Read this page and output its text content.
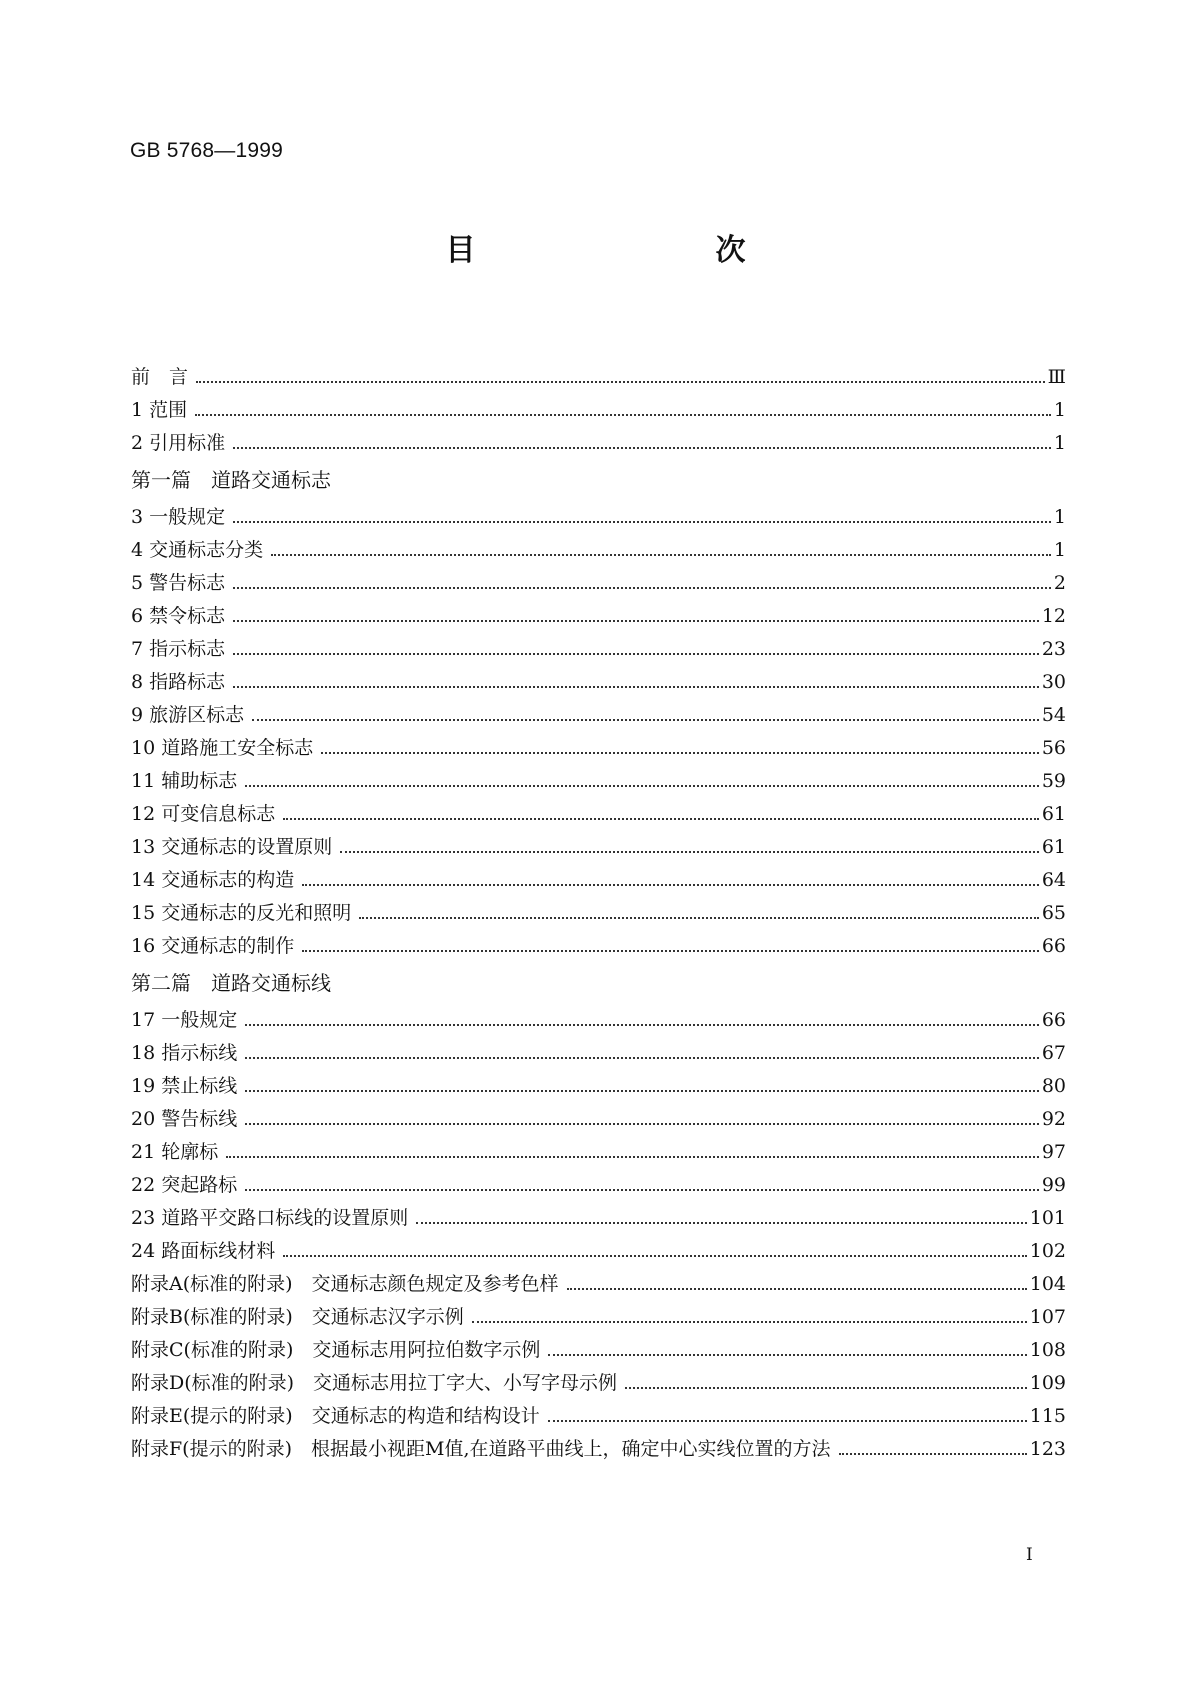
GB 5768—1999
目　　次
前　言	Ⅲ
1 范围	1
2 引用标准	1
第一篇　道路交通标志
3 一般规定	1
4 交通标志分类	1
5 警告标志	2
6 禁令标志	12
7 指示标志	23
8 指路标志	30
9 旅游区标志	54
10 道路施工安全标志	56
11 辅助标志	59
12 可变信息标志	61
13 交通标志的设置原则	61
14 交通标志的构造	64
15 交通标志的反光和照明	65
16 交通标志的制作	66
第二篇　道路交通标线
17 一般规定	66
18 指示标线	67
19 禁止标线	80
20 警告标线	92
21 轮廓标	97
22 突起路标	99
23 道路平交路口标线的设置原则	101
24 路面标线材料	102
附录A(标准的附录)　交通标志颜色规定及参考色样	104
附录B(标准的附录)　交通标志汉字示例	107
附录C(标准的附录)　交通标志用阿拉伯数字示例	108
附录D(标准的附录)　交通标志用拉丁字大、小写字母示例	109
附录E(提示的附录)　交通标志的构造和结构设计	115
附录F(提示的附录)　根据最小视距M值,在道路平曲线上，确定中心实线位置的方法	123
I
